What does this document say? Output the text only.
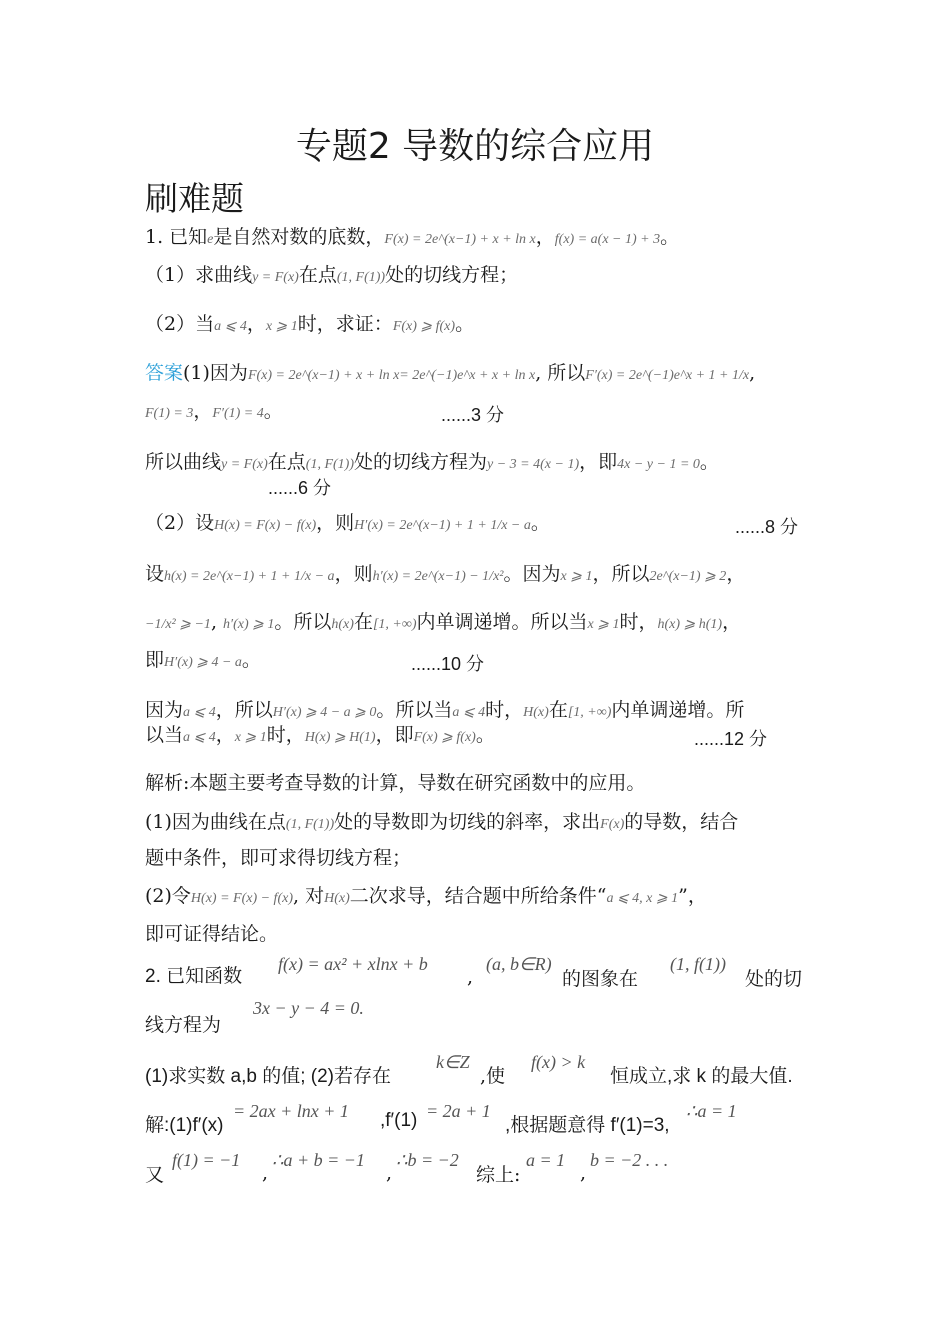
专题2 导数的综合应用
刷难题
1. 已知e是自然对数的底数，F(x) = 2e^(x−1) + x + ln x，f(x) = a(x − 1) + 3。
（1）求曲线y = F(x)在点(1, F(1))处的切线方程；
（2）当a ⩽ 4，x ⩾ 1时，求证：F(x) ⩾ f(x)。
答案(1)因为F(x) = 2e^(x−1) + x + ln x= 2e^(−1)e^x + x + ln x, 所以F′(x) = 2e^(−1)e^x + 1 + 1/x,
F(1) = 3，F′(1) = 4。	......3 分
所以曲线y = F(x)在点(1, F(1))处的切线方程为y − 3 = 4(x − 1)，即4x − y − 1 = 0。
......6 分
（2）设H(x) = F(x) − f(x)，则H′(x) = 2e^(x−1) + 1 + 1/x − a。	......8 分
设h(x) = 2e^(x−1) + 1 + 1/x − a，则h′(x) = 2e^(x−1) − 1/x²。因为x ⩾ 1，所以2e^(x−1) ⩾ 2，
−1/x² ⩾ −1, h′(x) ⩾ 1。所以h(x)在[1, +∞)内单调递增。所以当x ⩾ 1时，h(x) ⩾ h(1)，
即H′(x) ⩾ 4 − a。	......10 分
因为a ⩽ 4，所以H′(x) ⩾ 4 − a ⩾ 0。所以当a ⩽ 4时，H(x)在[1, +∞)内单调递增。所
以当a ⩽ 4，x ⩾ 1时，H(x) ⩾ H(1)，即F(x) ⩾ f(x)。	......12 分
解析:本题主要考查导数的计算，导数在研究函数中的应用。
(1)因为曲线在点(1, F(1))处的导数即为切线的斜率，求出F(x)的导数，结合
题中条件，即可求得切线方程；
(2)令H(x) = F(x) − f(x), 对H(x)二次求导，结合题中所给条件“a ⩽ 4, x ⩾ 1”，
即可证得结论。
2. 已知函数
f(x) = ax² + xlnx + b
,
(a, b∈R)
的图象在
(1, f(1))
处的切
线方程为
3x − y − 4 = 0.
(1)求实数 a,b 的值; (2)若存在
k∈Z
,使
f(x) > k
恒成立,求 k 的最大值.
解:(1)f′(x)
= 2ax + lnx + 1 ,f′(1) = 2a + 1
,根据题意得 f′(1)=3,
∴a = 1
又
f(1) = −1
,
∴a + b = −1
,
∴b = −2
综上:
a = 1
,
b = −2 . . .
